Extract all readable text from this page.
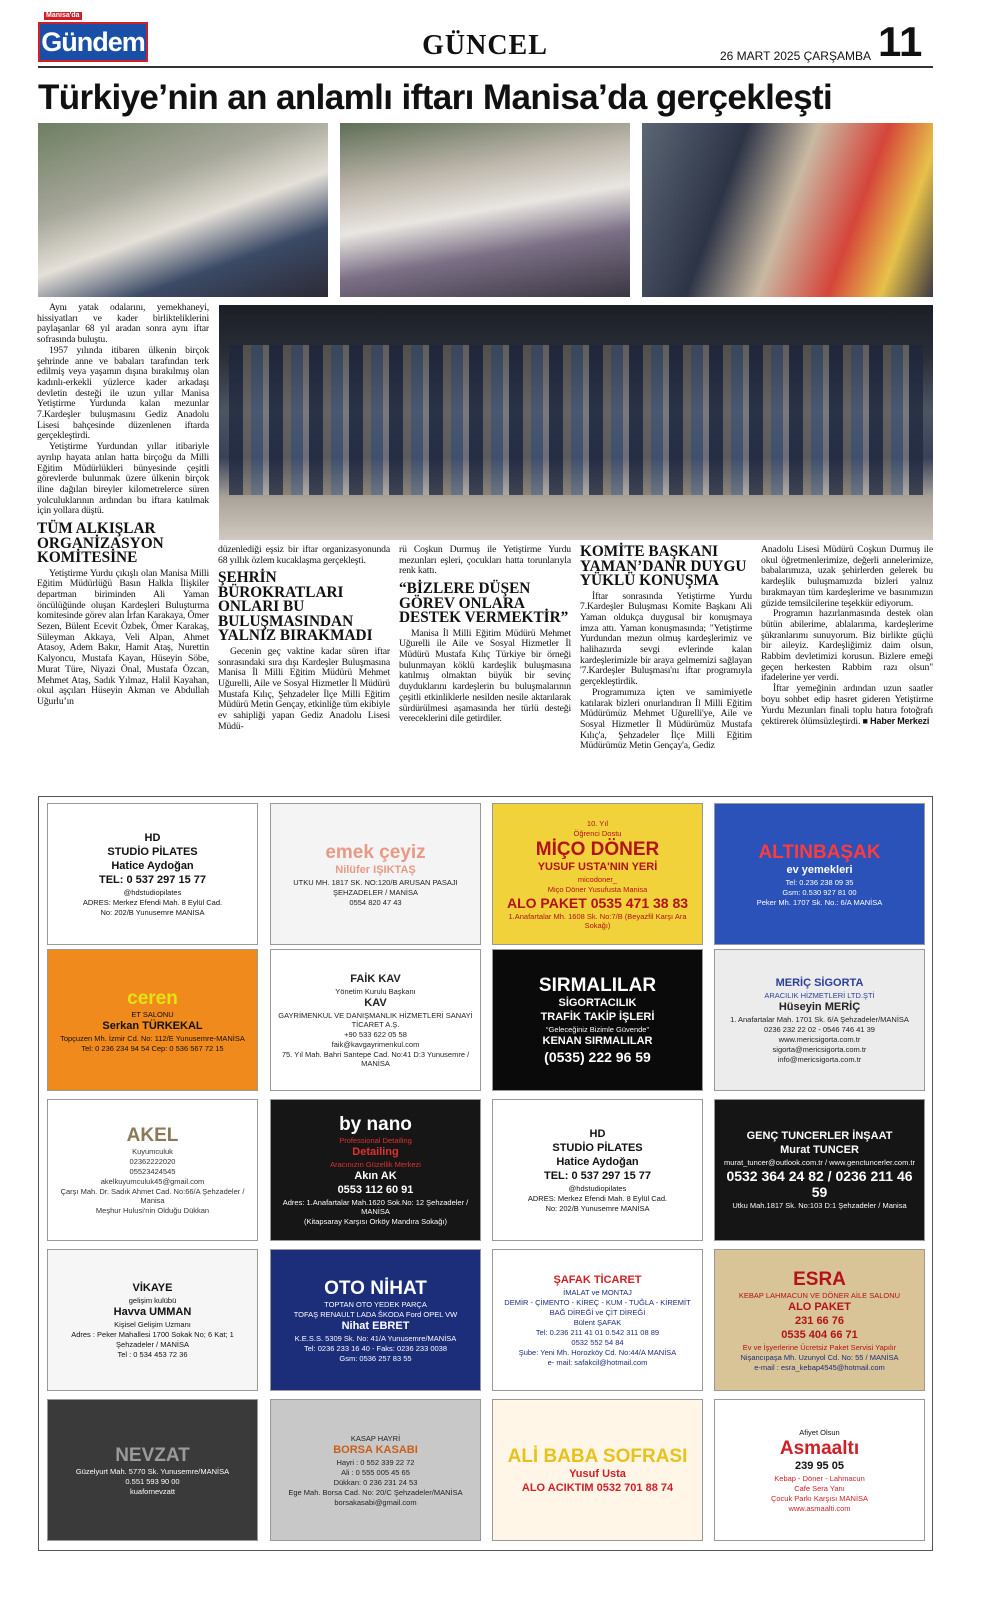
Manisa'da
Gündem	GÜNCEL	26 MART 2025 ÇARŞAMBA 11
Türkiye’nin an anlamlı iftarı Manisa’da gerçekleşti

Aynı yatak odalarını, yemekhaneyi, hissiyatları ve kader birlikteliklerini paylaşanlar 68 yıl aradan sonra aynı iftar sofrasında buluştu.

1957 yılında itibaren ülkenin birçok şehrinde anne ve babaları tarafından terk edilmiş veya yaşamın dışına bırakılmış olan kadınlı-erkekli yüzlerce kader arkadaşı devletin desteği ile uzun yıllar Manisa Yetiştirme Yurdunda kalan mezunlar 7.Kardeşler buluşmasını Gediz Anadolu Lisesi bahçesinde düzenlenen iftarda gerçekleştirdi.

Yetiştirme Yurdundan yıllar itibariyle ayrılıp hayata atılan hatta birçoğu da Milli Eğitim Müdürlükleri bünyesinde çeşitli görevlerde bulunmak üzere ülkenin birçok iline dağılan bireyler kilometrelerce süren yolculuklarının ardından bu iftara katılmak için yollara düştü.

TÜM ALKIŞLAR ORGANİZASYON KOMİTESİNE

Yetiştirme Yurdu çıkışlı olan Manisa Milli Eğitim Müdürlüğü Basın Halkla İlişkiler departman biriminden Ali Yaman öncülüğünde oluşan Kardeşleri Buluşturma komitesinde görev alan İrfan Karakaya, Ömer Sezen, Bülent Ecevit Özbek, Ömer Karakaş, Süleyman Akkaya, Veli Alpan, Ahmet Atasoy, Adem Bakır, Hamit Ataş, Nurettin Kalyoncu, Mustafa Kayan, Hüseyin Söbe, Murat Türe, Niyazi Önal, Mustafa Özcan, Mehmet Ataş, Sadık Yılmaz, Halil Kayahan, okul aşçıları Hüseyin Akman ve Abdullah Uğurlu’ın

düzenlediği eşsiz bir iftar organizasyonunda 68 yıllık özlem kucaklaşma gerçekleşti.

ŞEHRİN BÜROKRATLARI ONLARI BU BULUŞMASINDAN YALNIZ BIRAKMADI

Gecenin geç vaktine kadar süren iftar sonrasındaki sıra dışı Kardeşler Buluşmasına Manisa İl Milli Eğitim Müdürü Mehmet Uğurelli, Aile ve Sosyal Hizmetler İl Müdürü Mustafa Kılıç, Şehzadeler İlçe Milli Eğitim Müdürü Metin Gençay, etkinliğe tüm ekibiyle ev sahipliği yapan Gediz Anadolu Lisesi Müdü-

rü Coşkun Durmuş ile Yetiştirme Yurdu mezunları eşleri, çocukları hatta torunlarıyla renk kattı.

“BİZLERE DÜŞEN GÖREV ONLARA DESTEK VERMEKTİR”

Manisa İl Milli Eğitim Müdürü Mehmet Uğurelli ile Aile ve Sosyal Hizmetler İl Müdürü Mustafa Kılıç Türkiye bir örneği bulunmayan köklü kardeşlik buluşmasına katılmış olmaktan büyük bir sevinç duyduklarını kardeşlerin bu buluşmalarının çeşitli etkinliklerle nesilden nesile aktarılarak sürdürülmesi aşamasında her türlü desteği vereceklerini dile getirdiler.

KOMİTE BAŞKANI YAMAN’DANR DUYGU YÜKLÜ KONUŞMA

İftar sonrasında Yetiştirme Yurdu 7.Kardeşler Buluşması Komite Başkanı Ali Yaman oldukça duygusal bir konuşmaya imza attı. Yaman konuşmasında; "Yetiştirme Yurdundan mezun olmuş kardeşlerimiz ve halihazırda sevgi evlerinde kalan kardeşlerimizle bir araya gelmemizi sağlayan '7.Kardeşler Buluşması'nı iftar programıyla gerçekleştirdik.

Programımıza içten ve samimiyetle katılarak bizleri onurlandıran İl Milli Eğitim Müdürümüz Mehmet Uğurelli'ye, Aile ve Sosyal Hizmetler İl Müdürümüz Mustafa Kılıç'a, Şehzadeler İlçe Milli Eğitim Müdürümüz Metin Gençay'a, Gediz

Anadolu Lisesi Müdürü Coşkun Durmuş ile okul öğretmenlerimize, değerli annelerimize, babalarımıza, uzak şehirlerden gelerek bu kardeşlik buluşmamızda bizleri yalnız bırakmayan tüm kardeşlerime ve basınımızın güzide temsilcilerine teşekkür ediyorum.

Programın hazırlanmasında destek olan bütün abilerime, ablalarıma, kardeşlerime şükranlarımı sunuyorum. Biz birlikte güçlü bir aileyiz. Kardeşliğimiz daim olsun, Rabbim devletimizi korusun. Bizlere emeği geçen herkesten Rabbim razı olsun" ifadelerine yer verdi.

İftar yemeğinin ardından uzun saatler boyu sohbet edip hasret gideren Yetiştirme Yurdu Mezunları finali toplu hatıra fotoğrafı çektirerek ölümsüzleştirdi. ■ Haber Merkezi

HD
STUDİO PİLATES
Hatice Aydoğan
TEL: 0 537 297 15 77
@hdstudiopilates
ADRES: Merkez Efendi Mah. 8 Eylül Cad.
No: 202/B Yunusemre MANİSA
emek çeyiz
Nilüfer IŞIKTAŞ
UTKU MH. 1817 SK. NO:120/B ARUSAN PASAJI
ŞEHZADELER / MANİSA
0554 820 47 43
10. Yıl
Öğrenci Dostu
MİÇO DÖNER
YUSUF USTA'NIN YERİ
micodoner_
Miço Döner Yusufusta Manisa
ALO PAKET 0535 471 38 83
1.Anafartalar Mh. 1608 Sk. No:7/B (Beyazfil Karşı Ara Sokağı)
ALTINBAŞAK
ev yemekleri
Tel: 0.236 238 09 35
Gsm: 0.530 927 81 00
Peker Mh. 1707 Sk. No.: 6/A MANİSA
ceren
ET SALONU
Serkan TÜRKEKAL
Topçuzen Mh. İzmir Cd. No: 112/E Yunusemre-MANİSA
Tel: 0 236 234 94 54 Cep: 0 536 567 72 15
FAİK KAV
Yönetim Kurulu Başkanı
KAV
GAYRİMENKUL VE DANIŞMANLIK HİZMETLERİ SANAYİ TİCARET A.Ş.
+90 533 622 05 58
faik@kavgayrimenkul.com
75. Yıl Mah. Bahri Santepe Cad. No:41 D:3 Yunusemre / MANİSA
SIRMALILAR
SİGORTACILIK
TRAFİK TAKİP İŞLERİ
“Geleceğiniz Bizimle Güvende”
KENAN SIRMALILAR
(0535) 222 96 59
MERİÇ SİGORTA
ARACILIK HİZMETLERİ LTD.ŞTİ
Hüseyin MERİÇ
1. Anafartalar Mah. 1701 Sk. 6/A Şehzadeler/MANİSA
0236 232 22 02 - 0546 746 41 39
www.mericsigorta.com.tr
sigorta@mericsigorta.com.tr
info@mericsigorta.com.tr
AKEL
Kuyumculuk
02362222020
05523424545
akelkuyumculuk45@gmail.com
Çarşı Mah. Dr. Sadık Ahmet Cad. No:66/A Şehzadeler / Manisa
Meşhur Hulusi'nin Olduğu Dükkan
by nano
Professional Detailing
Detailing
Aracınızın Güzellik Merkezi
Akın AK
0553 112 60 91
Adres: 1.Anafartalar Mah.1620 Sok.No: 12 Şehzadeler / MANİSA
(Kitapsaray Karşısı Orköy Mandıra Sokağı)
HD
STUDİO PİLATES
Hatice Aydoğan
TEL: 0 537 297 15 77
@hdstudiopilates
ADRES: Merkez Efendi Mah. 8 Eylül Cad.
No: 202/B Yunusemre MANİSA
GENÇ TUNCERLER İNŞAAT
Murat TUNCER
murat_tuncer@outlook.com.tr / www.genctuncerler.com.tr
0532 364 24 82 / 0236 211 46 59
Utku Mah.1817 Sk. No:103 D:1 Şehzadeler / Manisa
VİKAYE
gelişim kulübü
Havva UMMAN
Kişisel Gelişim Uzmanı
Adres : Peker Mahallesi 1700 Sokak No; 6 Kat; 1
Şehzadeler / MANİSA
Tel : 0 534 453 72 36
OTO NİHAT
TOPTAN OTO YEDEK PARÇA
TOFAŞ RENAULT LADA ŠKODA Ford OPEL VW
Nihat EBRET
K.E.S.S. 5309 Sk. No: 41/A Yunusemre/MANİSA
Tel: 0236 233 16 40 - Faks: 0236 233 0038
Gsm: 0536 257 83 55
ŞAFAK TİCARET
İMALAT ve MONTAJ
DEMİR - ÇİMENTO - KİREÇ - KUM - TUĞLA - KİREMİT
BAĞ DİREĞİ ve ÇİT DİREĞİ
Bülent ŞAFAK
Tel: 0.236 211 41 01 0.542 311 08 89
0532 552 54 84
Şube: Yeni Mh. Horozköy Cd. No:44/A MANİSA
e- mail: safakcil@hotmail.com
ESRA
KEBAP LAHMACUN VE DÖNER AİLE SALONU
ALO PAKET
231 66 76
0535 404 66 71
Ev ve İşyerlerine Ücretsiz Paket Servisi Yapılır
Nişancıpaşa Mh. Uzunyol Cd. No: 55 / MANİSA
e-mail : esra_kebap4545@hotmail.com
NEVZAT
Güzelyurt Mah. 5770 Sk. Yunusemre/MANİSA
0.551 593 90 00
kuafornevzatt
KASAP HAYRİ
BORSA KASABI
Hayri : 0 552 339 22 72
Ali : 0 555 005 45 65
Dükkan: 0 236 231 24 53
Ege Mah. Borsa Cad. No: 20/C Şehzadeler/MANİSA
borsakasabi@gmail.com
ALİ BABA SOFRASI
Yusuf Usta
ALO ACIKTIM 0532 701 88 74
Afiyet Olsun
Asmaaltı
239 95 05
Kebap - Döner - Lahmacun
Cafe Sera Yanı
Çocuk Parkı Karşısı MANİSA
www.asmaalti.com
